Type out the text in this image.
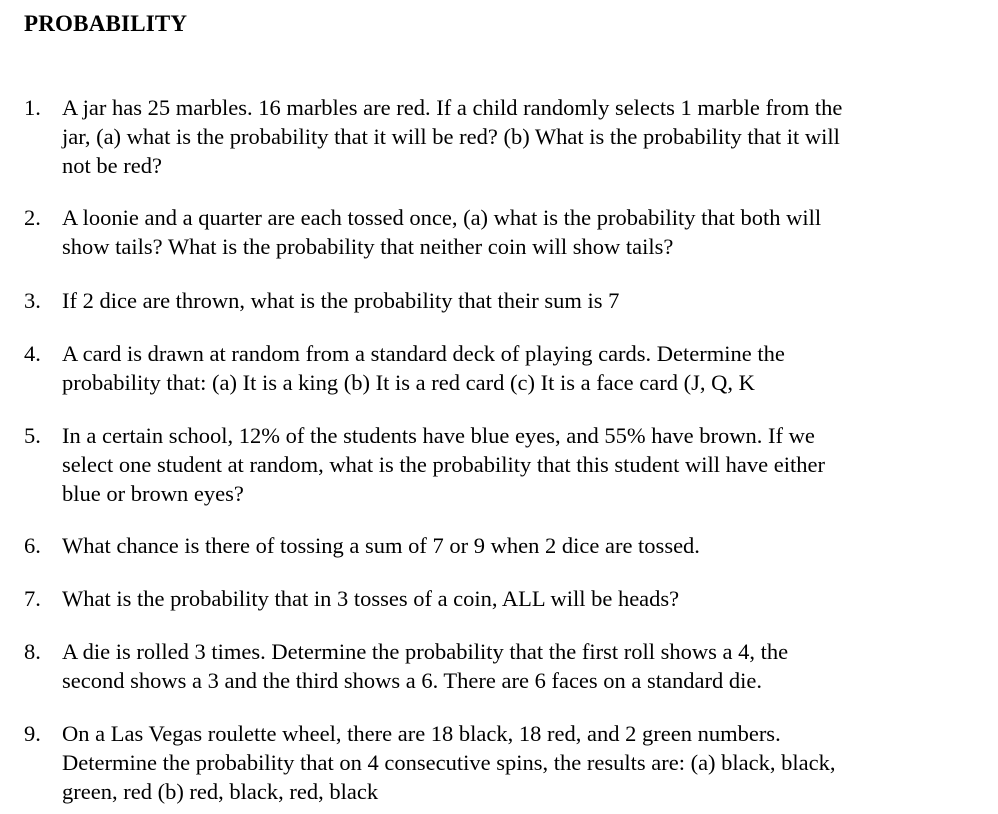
PROBABILITY
1. A jar has 25 marbles. 16 marbles are red. If a child randomly selects 1 marble from the
jar, (a) what is the probability that it will be red? (b) What is the probability that it will
not be red?
2. A loonie and a quarter are each tossed once, (a) what is the probability that both will
show tails? What is the probability that neither coin will show tails?
3. If 2 dice are thrown, what is the probability that their sum is 7
4. A card is drawn at random from a standard deck of playing cards. Determine the
probability that: (a) It is a king (b) It is a red card (c) It is a face card (J, Q, K
5. In a certain school, 12% of the students have blue eyes, and 55% have brown. If we
select one student at random, what is the probability that this student will have either
blue or brown eyes?
6. What chance is there of tossing a sum of 7 or 9 when 2 dice are tossed.
7. What is the probability that in 3 tosses of a coin, ALL will be heads?
8. A die is rolled 3 times. Determine the probability that the first roll shows a 4, the
second shows a 3 and the third shows a 6. There are 6 faces on a standard die.
9. On a Las Vegas roulette wheel, there are 18 black, 18 red, and 2 green numbers.
Determine the probability that on 4 consecutive spins, the results are: (a) black, black,
green, red (b) red, black, red, black
